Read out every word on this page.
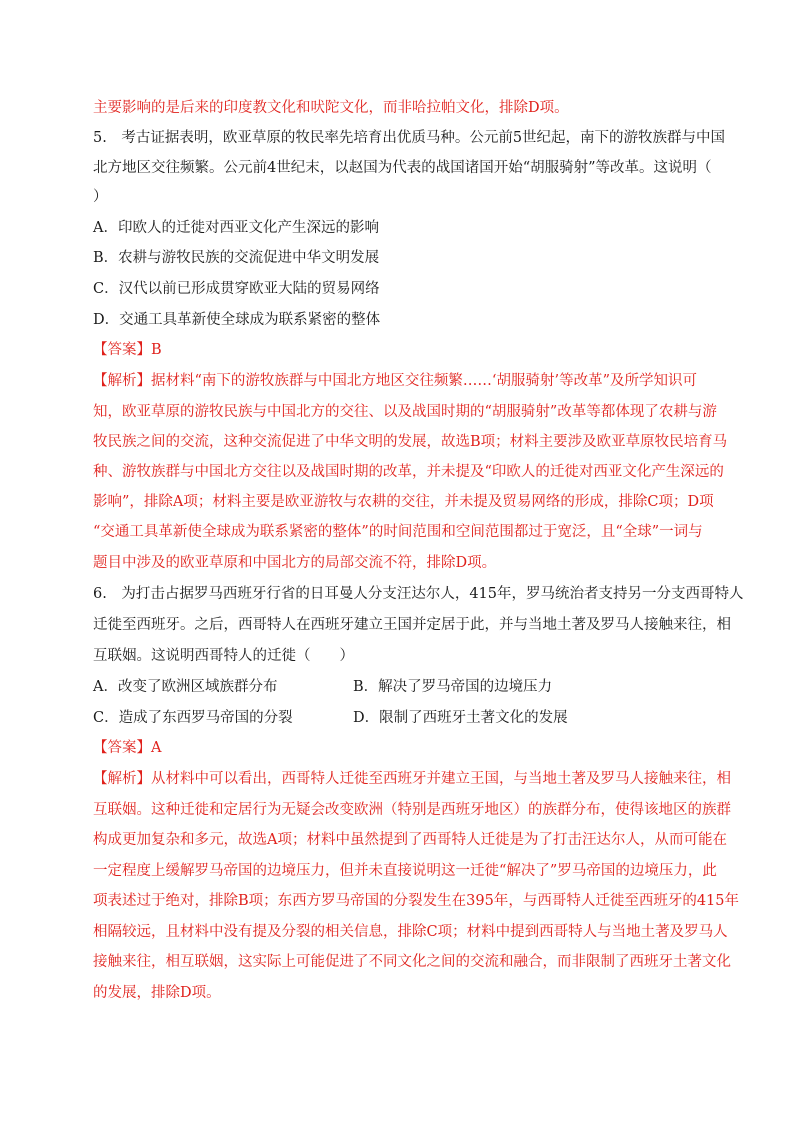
主要影响的是后来的印度教文化和吠陀文化，而非哈拉帕文化，排除D项。
5.　考古证据表明，欧亚草原的牧民率先培育出优质马种。公元前5世纪起，南下的游牧族群与中国
北方地区交往频繁。公元前4世纪末，以赵国为代表的战国诸国开始“胡服骑射”等改革。这说明（
）
A．印欧人的迁徙对西亚文化产生深远的影响
B．农耕与游牧民族的交流促进中华文明发展
C．汉代以前已形成贯穿欧亚大陆的贸易网络
D．交通工具革新使全球成为联系紧密的整体
【答案】B
【解析】据材料“南下的游牧族群与中国北方地区交往频繁……‘胡服骑射’等改革”及所学知识可
知，欧亚草原的游牧民族与中国北方的交往、以及战国时期的“胡服骑射”改革等都体现了农耕与游
牧民族之间的交流，这种交流促进了中华文明的发展，故选B项；材料主要涉及欧亚草原牧民培育马
种、游牧族群与中国北方交往以及战国时期的改革，并未提及“印欧人的迁徙对西亚文化产生深远的
影响”，排除A项；材料主要是欧亚游牧与农耕的交往，并未提及贸易网络的形成，排除C项；D项
“交通工具革新使全球成为联系紧密的整体”的时间范围和空间范围都过于宽泛，且“全球”一词与
题目中涉及的欧亚草原和中国北方的局部交流不符，排除D项。
6.　为打击占据罗马西班牙行省的日耳曼人分支汪达尔人，415年，罗马统治者支持另一分支西哥特人
迁徙至西班牙。之后，西哥特人在西班牙建立王国并定居于此，并与当地土著及罗马人接触来往，相
互联姻。这说明西哥特人的迁徙（　　）
A．改变了欧洲区域族群分布	B．解决了罗马帝国的边境压力
C．造成了东西罗马帝国的分裂	D．限制了西班牙土著文化的发展
【答案】A
【解析】从材料中可以看出，西哥特人迁徙至西班牙并建立王国，与当地土著及罗马人接触来往，相
互联姻。这种迁徙和定居行为无疑会改变欧洲（特别是西班牙地区）的族群分布，使得该地区的族群
构成更加复杂和多元，故选A项；材料中虽然提到了西哥特人迁徙是为了打击汪达尔人，从而可能在
一定程度上缓解罗马帝国的边境压力，但并未直接说明这一迁徙“解决了”罗马帝国的边境压力，此
项表述过于绝对，排除B项；东西方罗马帝国的分裂发生在395年，与西哥特人迁徙至西班牙的415年
相隔较远，且材料中没有提及分裂的相关信息，排除C项；材料中提到西哥特人与当地土著及罗马人
接触来往，相互联姻，这实际上可能促进了不同文化之间的交流和融合，而非限制了西班牙土著文化
的发展，排除D项。
